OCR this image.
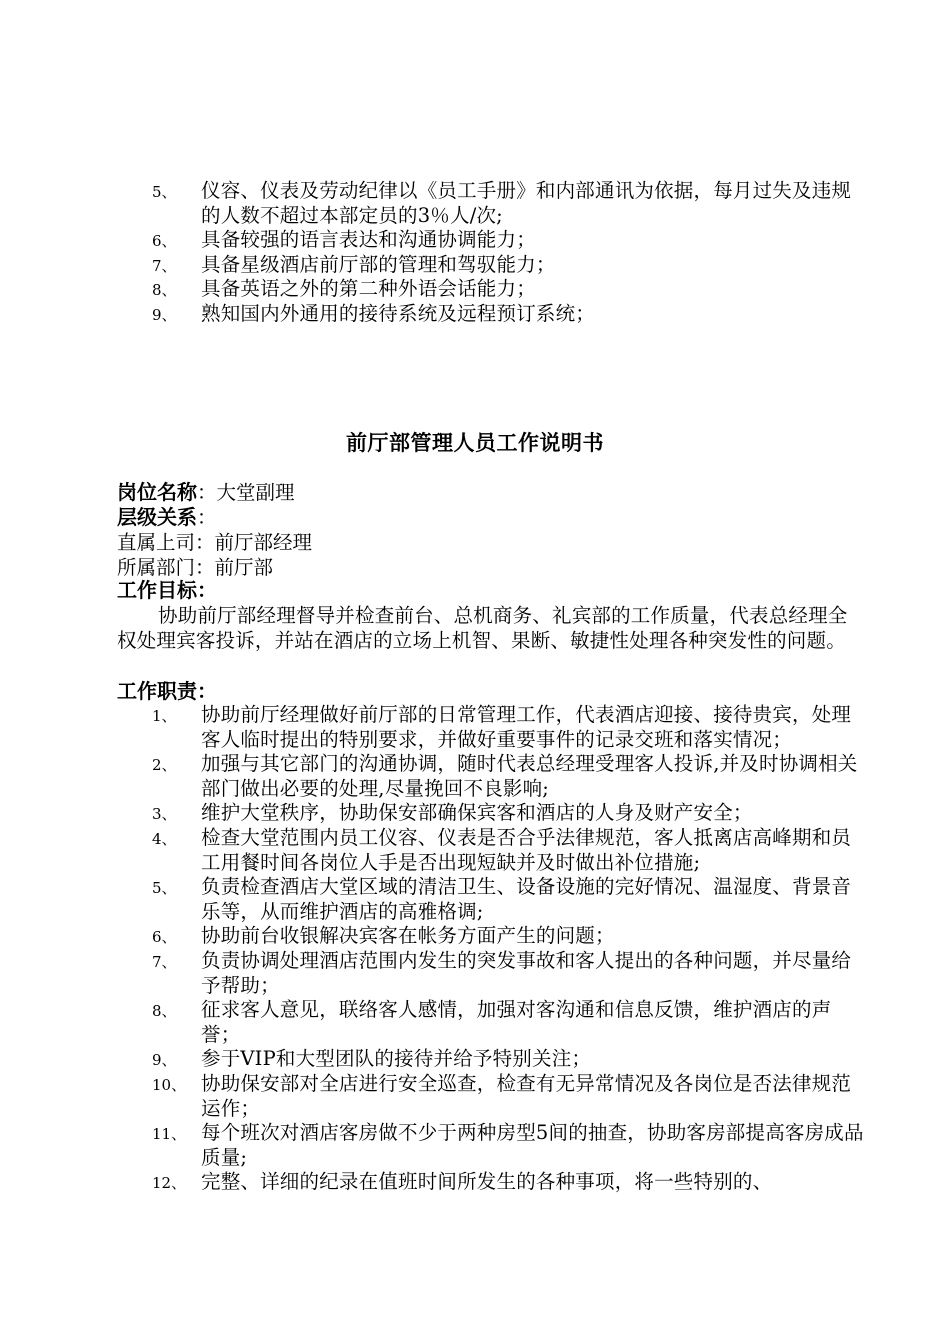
5、	仪容、仪表及劳动纪律以《员工手册》和内部通讯为依据，每月过失及违规的人数不超过本部定员的3％人/次;
6、	具备较强的语言表达和沟通协调能力；
7、	具备星级酒店前厅部的管理和驾驭能力；
8、	具备英语之外的第二种外语会话能力；
9、	熟知国内外通用的接待系统及远程预订系统；
前厅部管理人员工作说明书
岗位名称：大堂副理
层级关系：
直属上司：前厅部经理
所属部门：前厅部
工作目标：
协助前厅部经理督导并检查前台、总机商务、礼宾部的工作质量，代表总经理全权处理宾客投诉，并站在酒店的立场上机智、果断、敏捷性处理各种突发性的问题。
工作职责：
1、	协助前厅经理做好前厅部的日常管理工作，代表酒店迎接、接待贵宾，处理客人临时提出的特别要求，并做好重要事件的记录交班和落实情况；
2、	加强与其它部门的沟通协调，随时代表总经理受理客人投诉,并及时协调相关部门做出必要的处理,尽量挽回不良影响;
3、	维护大堂秩序，协助保安部确保宾客和酒店的人身及财产安全；
4、	检查大堂范围内员工仪容、仪表是否合乎法律规范，客人抵离店高峰期和员工用餐时间各岗位人手是否出现短缺并及时做出补位措施;
5、	负责检查酒店大堂区域的清洁卫生、设备设施的完好情况、温湿度、背景音乐等，从而维护酒店的高雅格调;
6、	协助前台收银解决宾客在帐务方面产生的问题；
7、	负责协调处理酒店范围内发生的突发事故和客人提出的各种问题，并尽量给予帮助；
8、	征求客人意见，联络客人感情，加强对客沟通和信息反馈，维护酒店的声誉；
9、	参于VIP和大型团队的接待并给予特别关注；
10、 协助保安部对全店进行安全巡查，检查有无异常情况及各岗位是否法律规范运作；
11、 每个班次对酒店客房做不少于两种房型5间的抽查，协助客房部提高客房成品质量;
12、 完整、详细的纪录在值班时间所发生的各种事项，将一些特别的、
